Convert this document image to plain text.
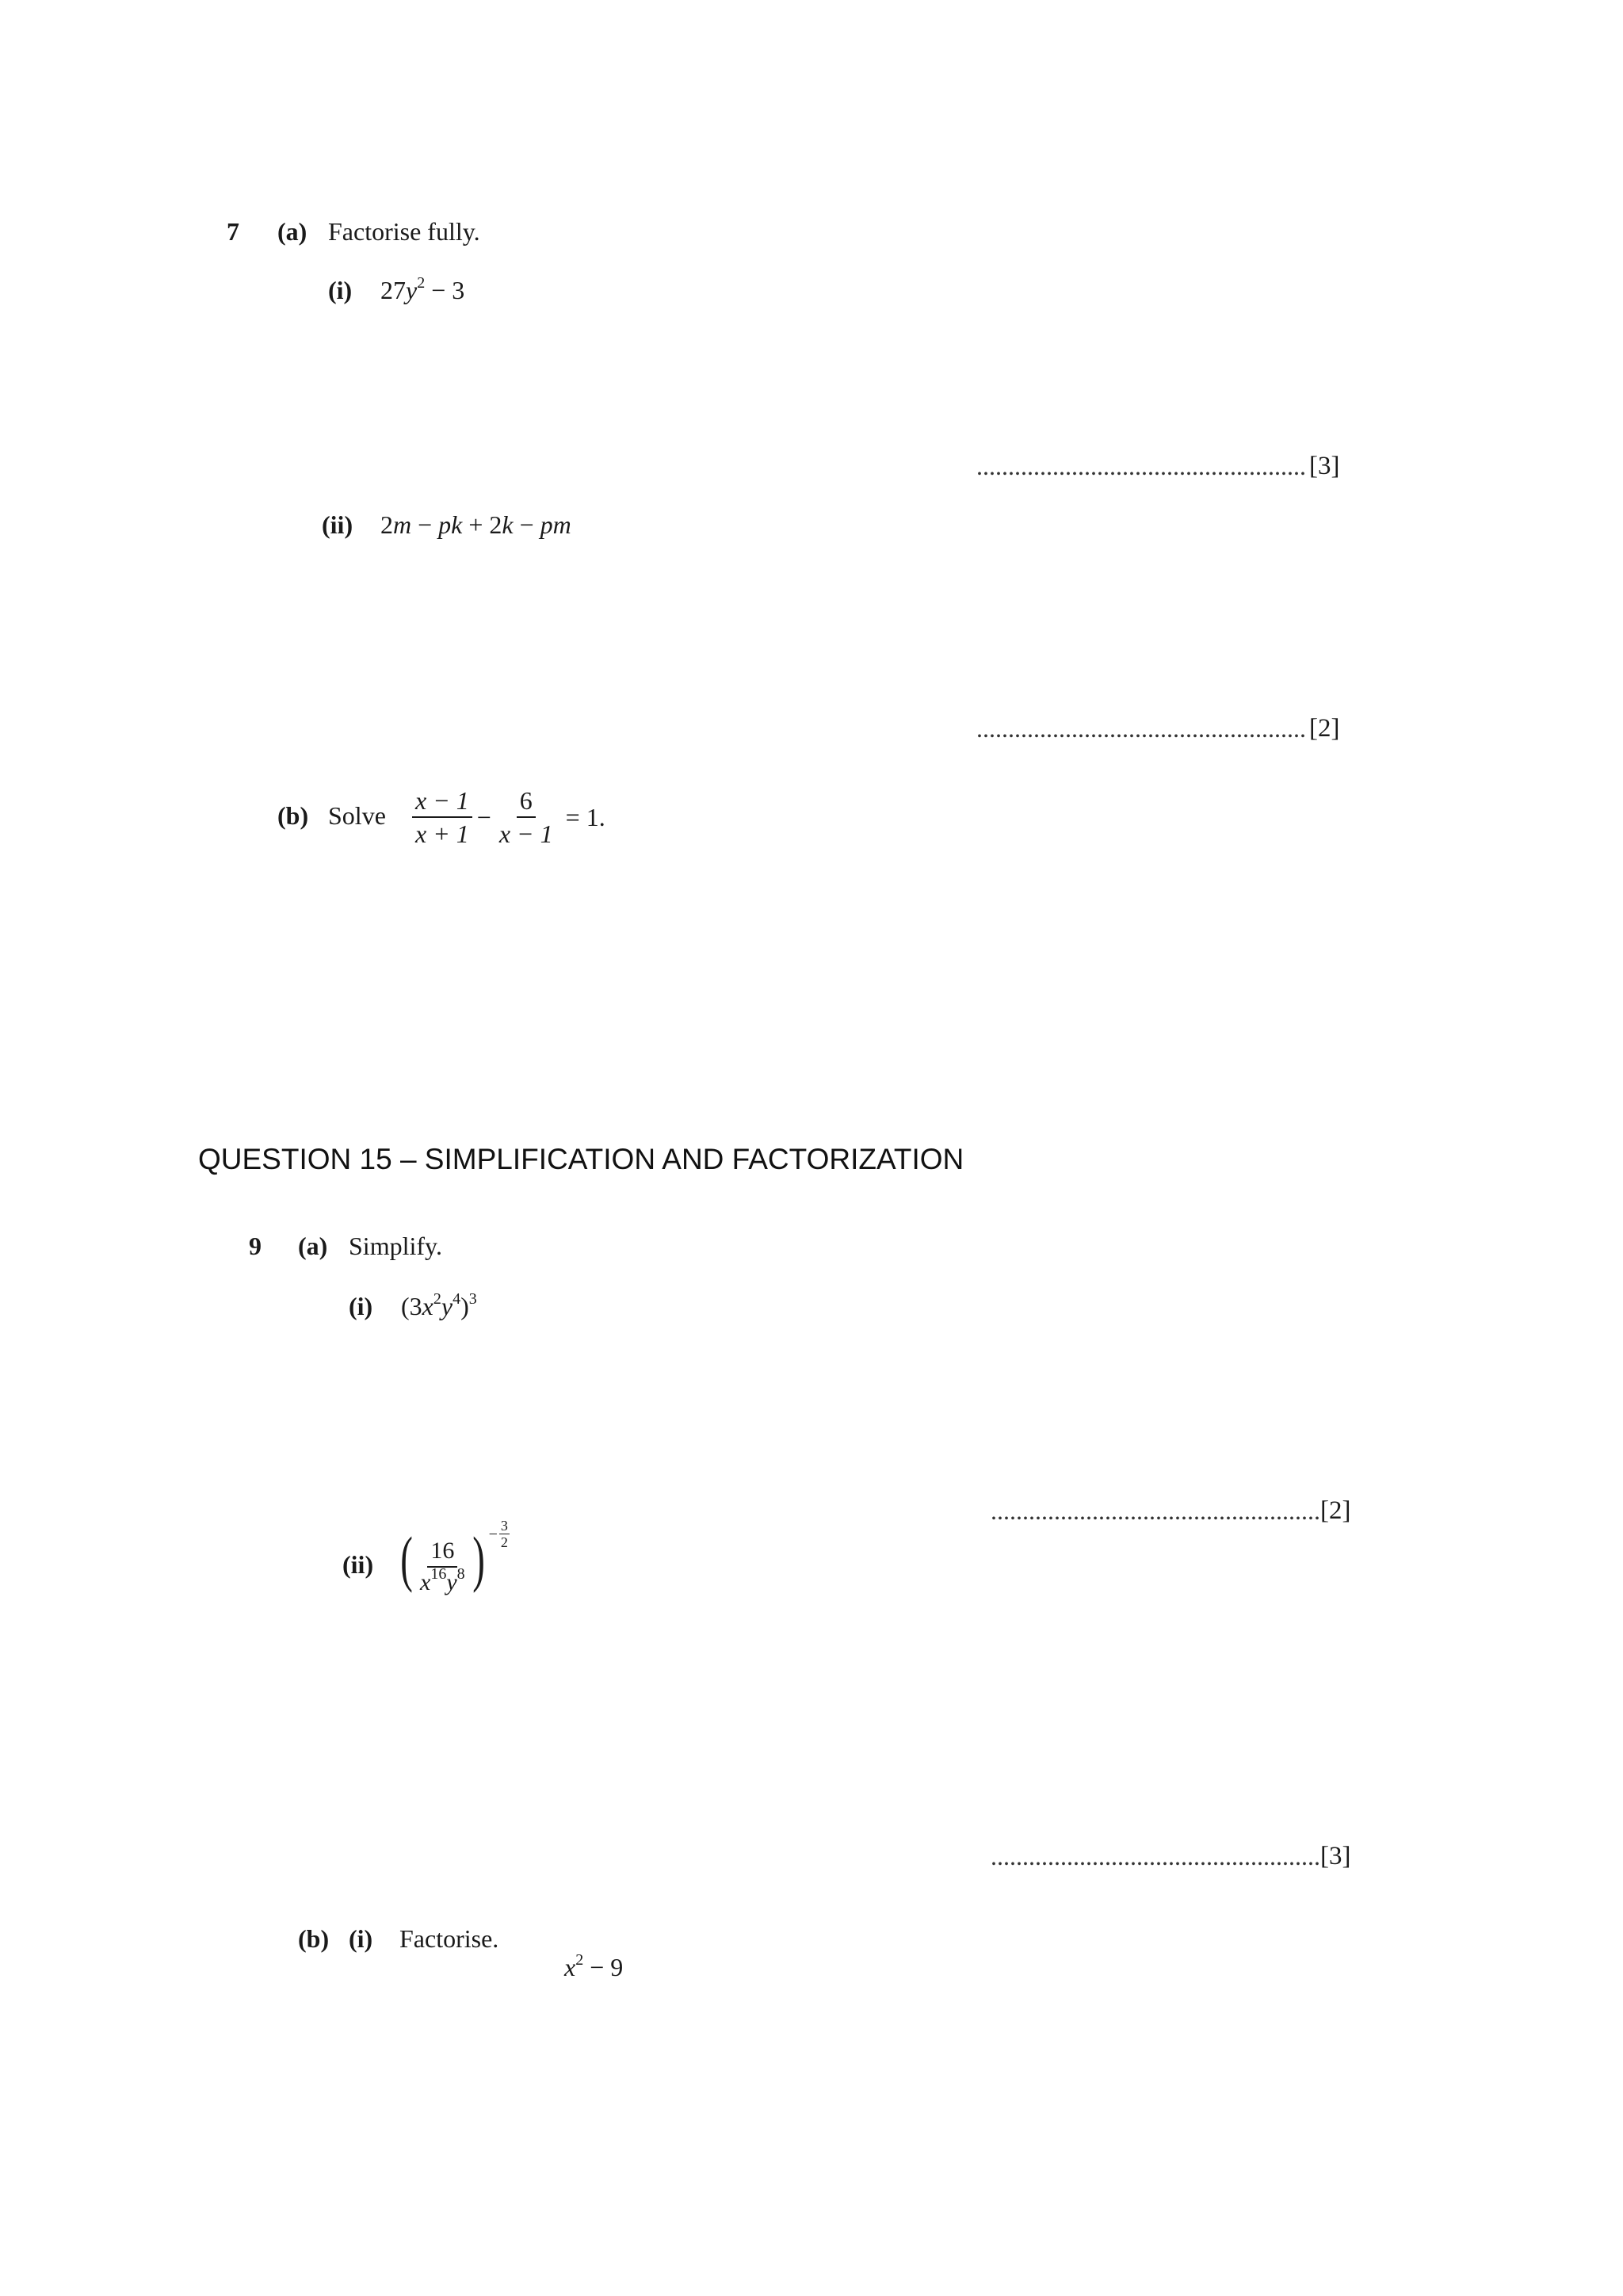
7 (a) Factorise fully.
(i) $27y^2 - 3$
.................................................... [3]
(ii) 2m − pk + 2k − pm
.................................................... [2]
(b) Solve $\frac{x - 1}{x + 1} - \frac{6}{x - 1} = 1$.
QUESTION 15 – SIMPLIFICATION AND FACTORIZATION
9 (a) Simplify.
(i) $(3x^2y^4)^3$
.................................................... [2]
(ii) ( $\frac{16}{x^{16}y^8}$ ) − $\frac{3}{2}$
.................................................... [3]
(b) (i) Factorise.
$x^2 - 9$
